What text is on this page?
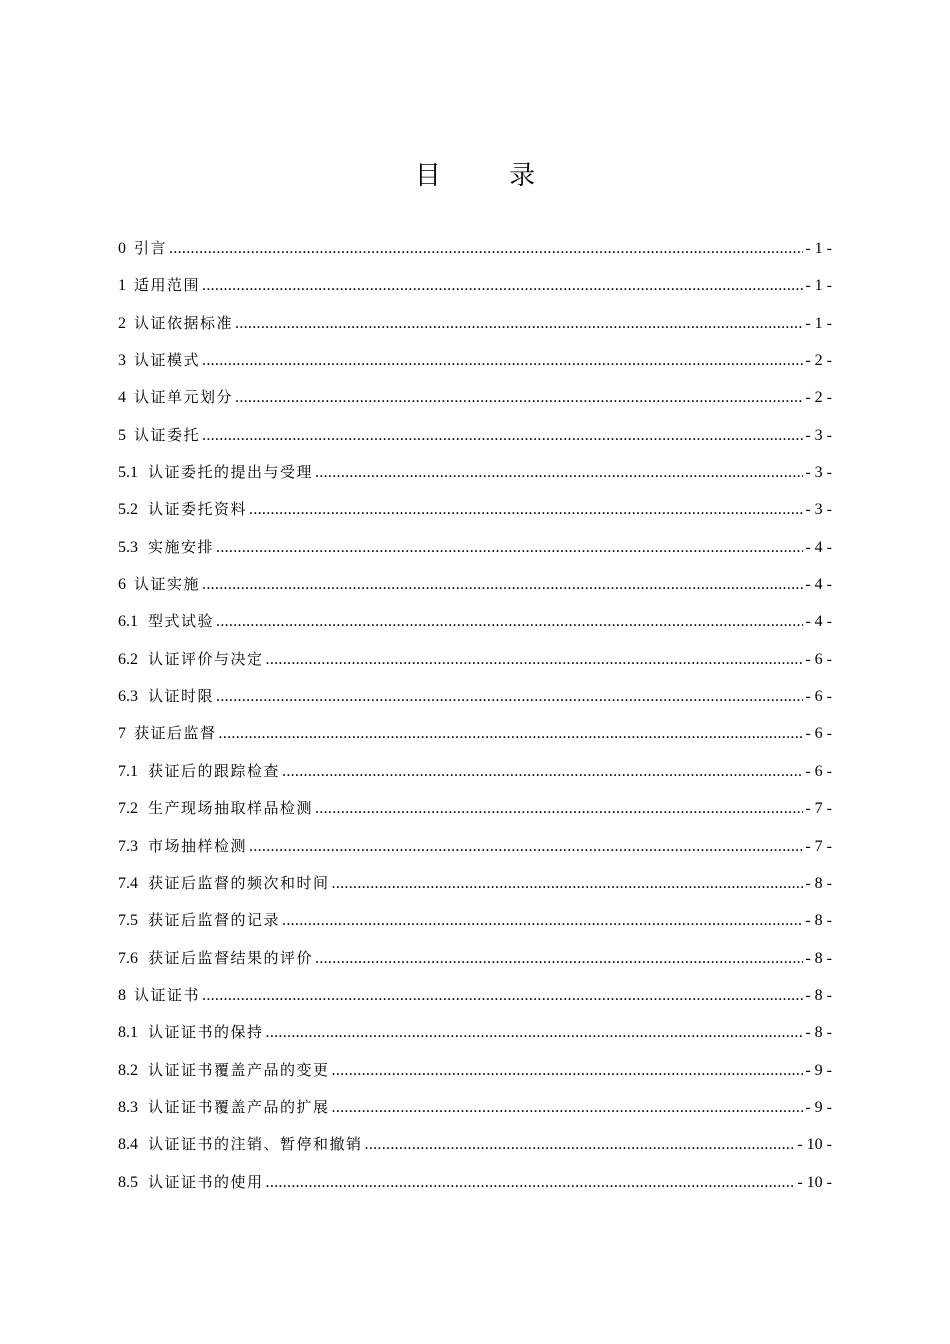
目 录
0 引言 .....	- 1 -
1 适用范围 .....	- 1 -
2 认证依据标准 .....	- 1 -
3 认证模式 .....	- 2 -
4 认证单元划分 .....	- 2 -
5 认证委托 .....	- 3 -
5.1 认证委托的提出与受理 .....	- 3 -
5.2 认证委托资料 .....	- 3 -
5.3 实施安排 .....	- 4 -
6 认证实施 .....	- 4 -
6.1 型式试验 .....	- 4 -
6.2 认证评价与决定 .....	- 6 -
6.3 认证时限 .....	- 6 -
7 获证后监督 .....	- 6 -
7.1 获证后的跟踪检查 .....	- 6 -
7.2 生产现场抽取样品检测 .....	- 7 -
7.3 市场抽样检测 .....	- 7 -
7.4 获证后监督的频次和时间 .....	- 8 -
7.5 获证后监督的记录 .....	- 8 -
7.6 获证后监督结果的评价 .....	- 8 -
8 认证证书 .....	- 8 -
8.1 认证证书的保持 .....	- 8 -
8.2 认证证书覆盖产品的变更 .....	- 9 -
8.3 认证证书覆盖产品的扩展 .....	- 9 -
8.4 认证证书的注销、暂停和撤销 .....	- 10 -
8.5 认证证书的使用 .....	- 10 -
